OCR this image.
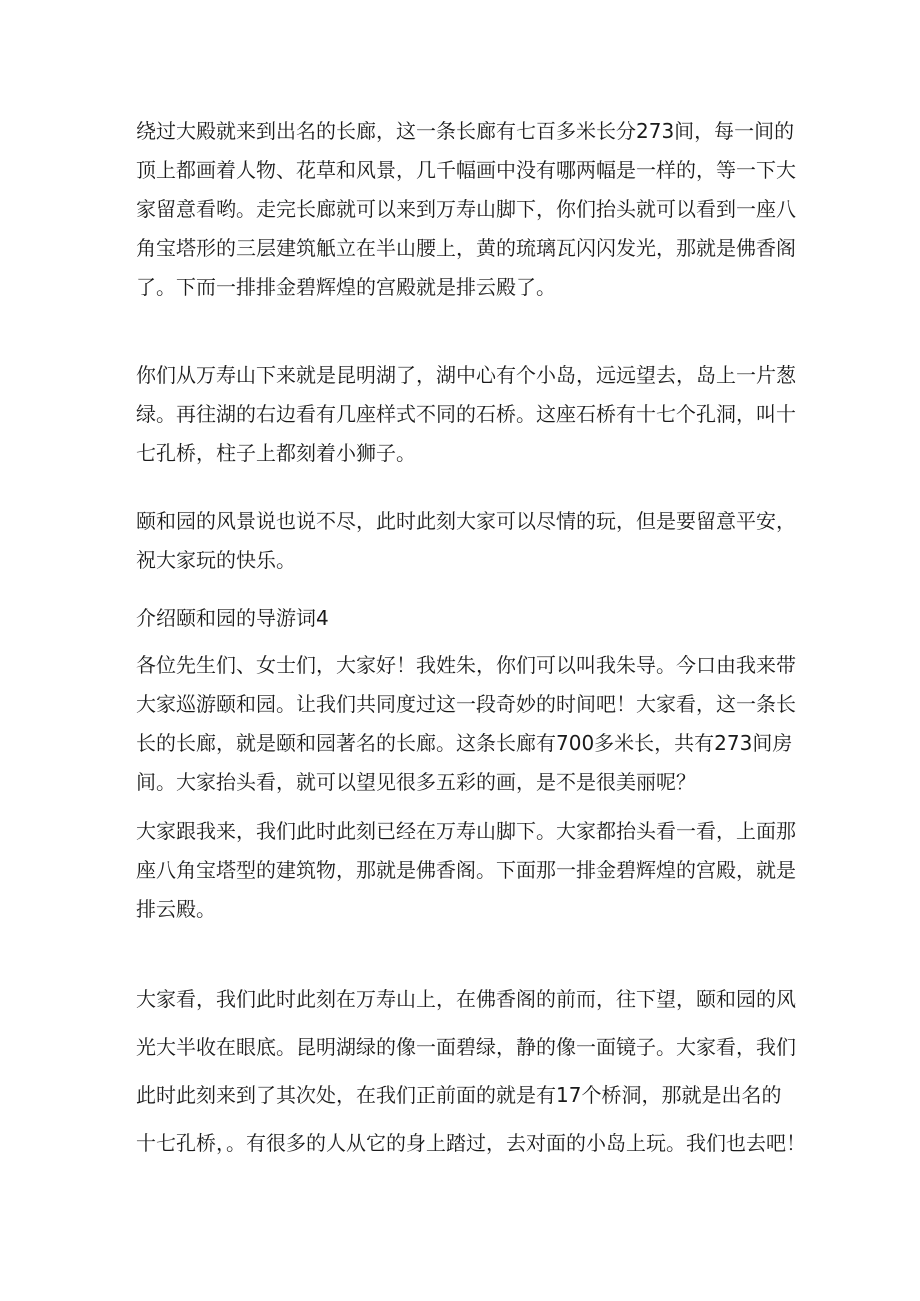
绕过大殿就来到出名的长廊，这一条长廊有七百多米长分273间，每一间的
顶上都画着人物、花草和风景，几千幅画中没有哪两幅是一样的，等一下大
家留意看哟。走完长廊就可以来到万寿山脚下，你们抬头就可以看到一座八
角宝塔形的三层建筑觗立在半山腰上，黄的琉璃瓦闪闪发光，那就是佛香阁
了。下而一排排金碧辉煌的宫殿就是排云殿了。
你们从万寿山下来就是昆明湖了，湖中心有个小岛，远远望去，岛上一片葱
绿。再往湖的右边看有几座样式不同的石桥。这座石桥有十七个孔洞，叫十
七孔桥，柱子上都刻着小狮子。
颐和园的风景说也说不尽，此时此刻大家可以尽情的玩，但是要留意平安，
祝大家玩的快乐。
介绍颐和园的导游词4
各位先生们、女士们，大家好！我姓朱，你们可以叫我朱导。今口由我来带
大家巡游颐和园。让我们共同度过这一段奇妙的时间吧！大家看，这一条长
长的长廊，就是颐和园著名的长廊。这条长廊有700多米长，共有273间房
间。大家抬头看，就可以望见很多五彩的画，是不是很美丽呢？
大家跟我来，我们此时此刻已经在万寿山脚下。大家都抬头看一看，上面那
座八角宝塔型的建筑物，那就是佛香阁。下面那一排金碧辉煌的宫殿，就是
排云殿。
大家看，我们此时此刻在万寿山上，在佛香阁的前而，往下望，颐和园的风
光大半收在眼底。昆明湖绿的像一面碧绿，静的像一面镜子。大家看，我们
此时此刻来到了其次处，在我们正前面的就是有17个桥洞，那就是出名的
十七孔桥，。有很多的人从它的身上踏过，去对面的小岛上玩。我们也去吧！
